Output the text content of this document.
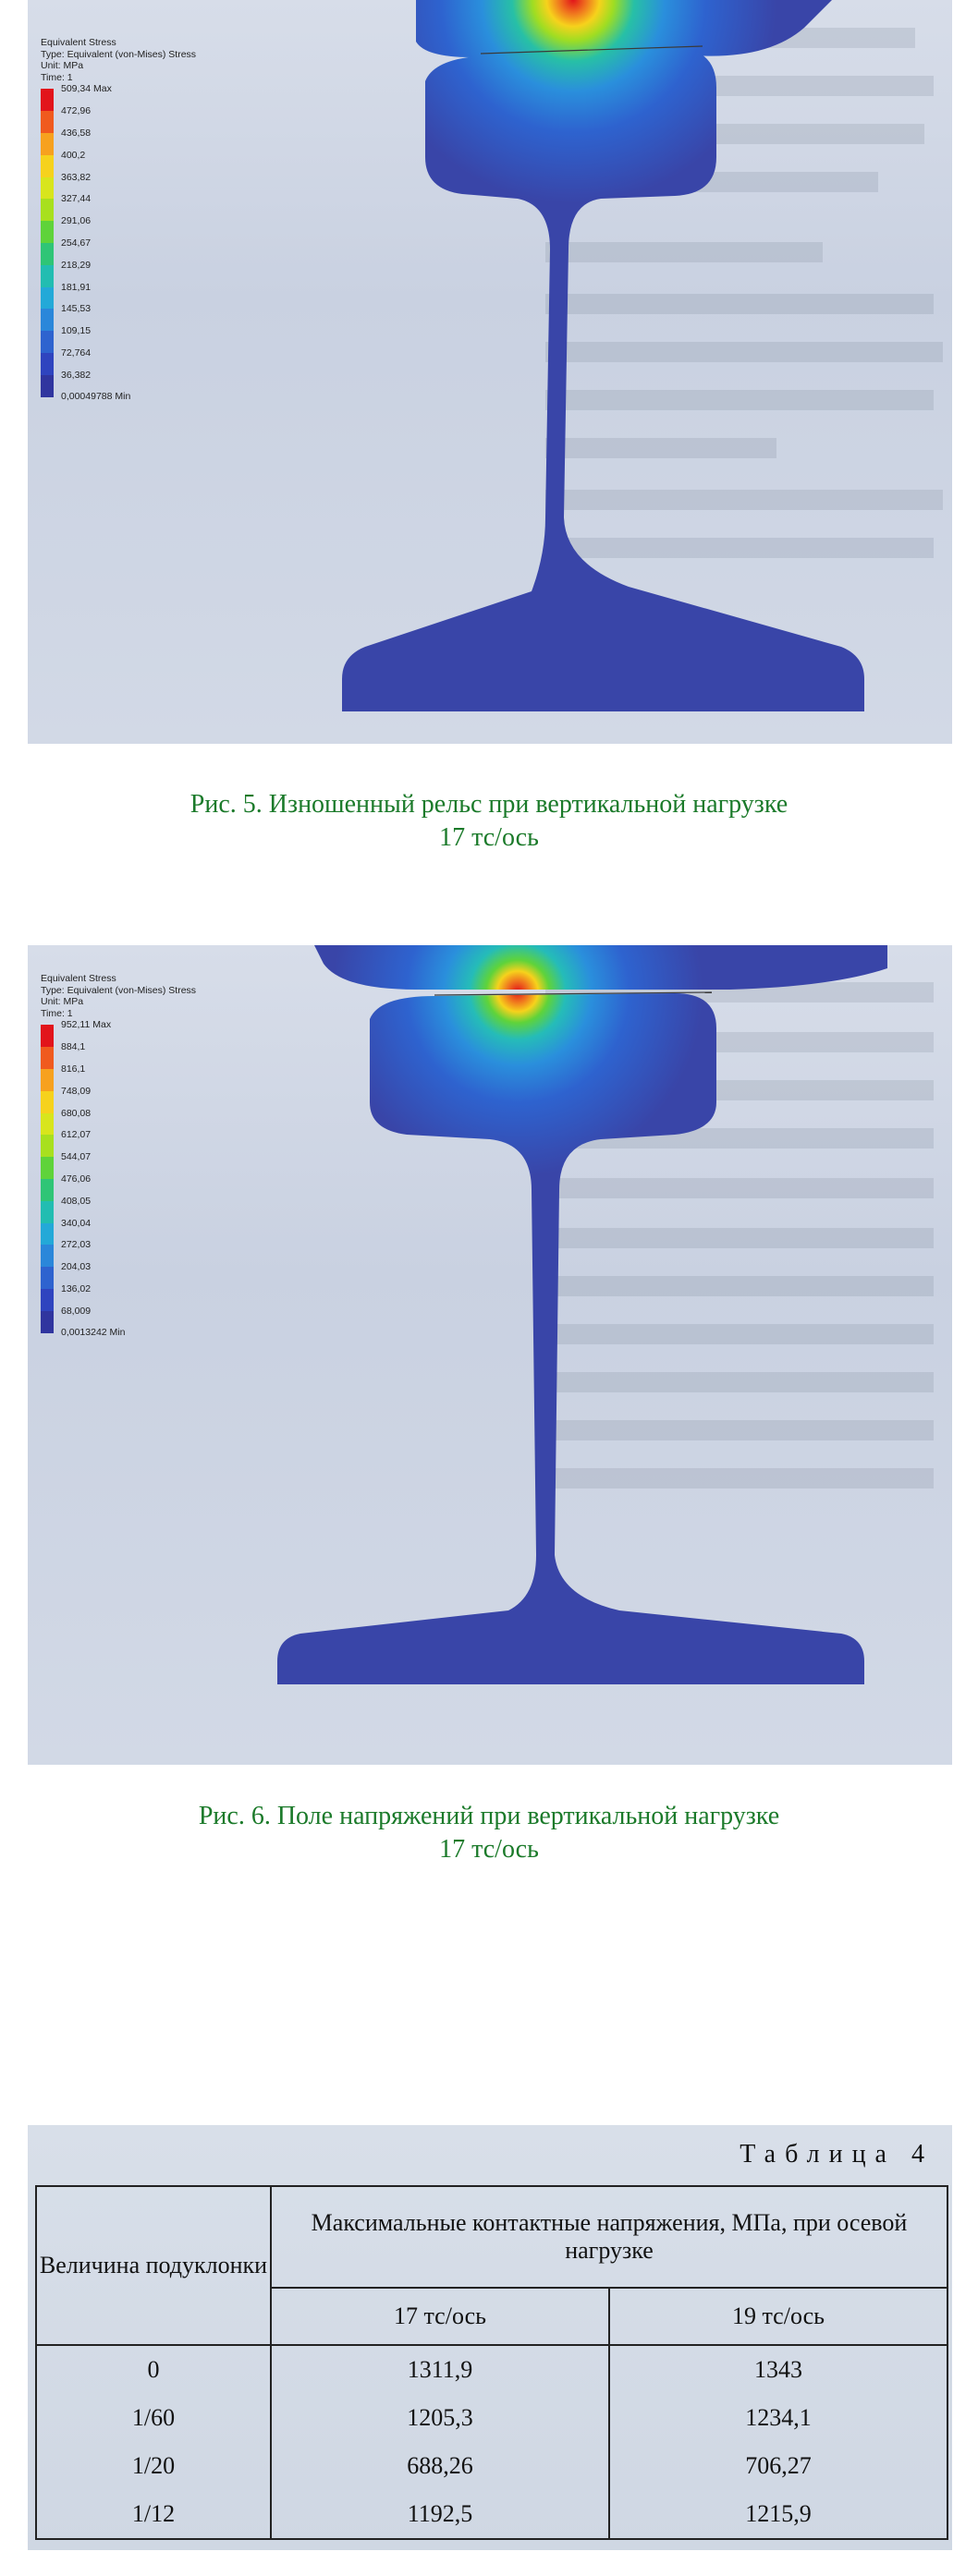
Equivalent Stress
Type: Equivalent (von-Mises) Stress
Unit: MPa
Time: 1
509,34 Max
472,96
436,58
400,2
363,82
327,44
291,06
254,67
218,29
181,91
145,53
109,15
72,764
36,382
0,00049788 Min
Рис. 5. Изношенный рельс при вертикальной нагрузке
17 тс/ось
Equivalent Stress
Type: Equivalent (von-Mises) Stress
Unit: MPa
Time: 1
952,11 Max
884,1
816,1
748,09
680,08
612,07
544,07
476,06
408,05
340,04
272,03
204,03
136,02
68,009
0,0013242 Min
Рис. 6. Поле напряжений при вертикальной нагрузке
17 тс/ось
Таблица 4
Величина подуклонки	Максимальные контактные напряжения, МПа, при осевой нагрузке	
	17 тс/ось	19 тс/ось
0	1311,9	1343
1/60	1205,3	1234,1
1/20	688,26	706,27
1/12	1192,5	1215,9
